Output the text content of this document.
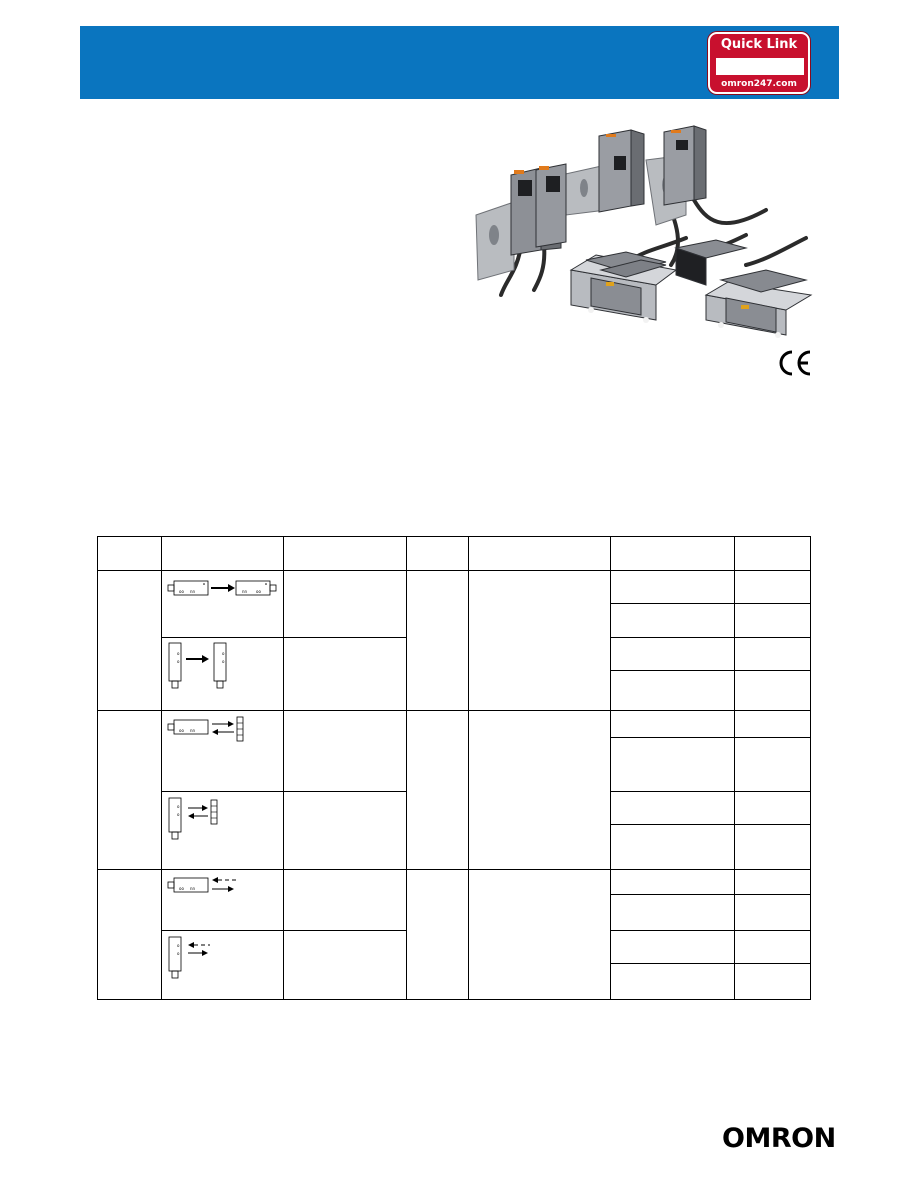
Quick Link
omron247.com
oo nn	nn oo
o
o
o
o
oo nn
o
o
oo nn
o
o
OMRON
